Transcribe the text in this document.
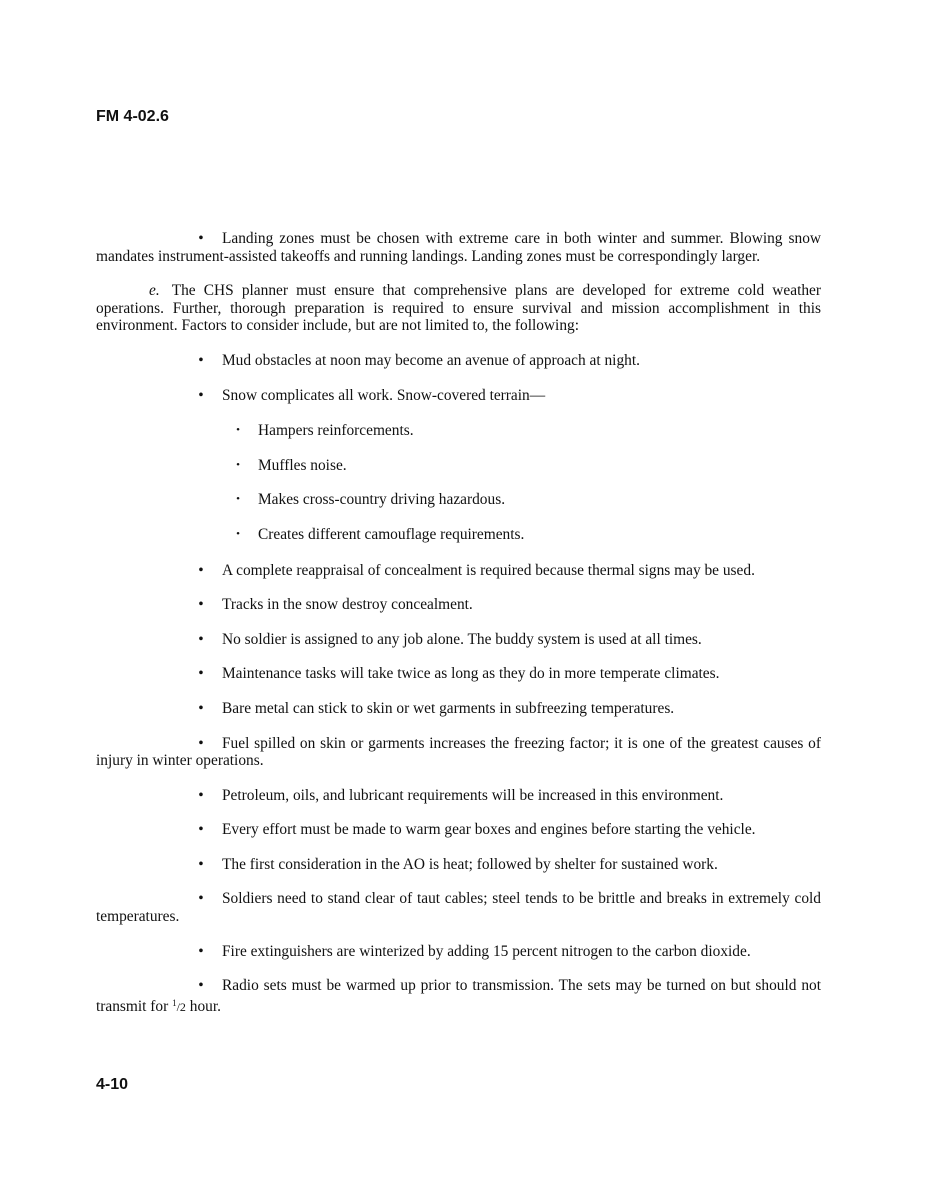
FM 4-02.6

• Landing zones must be chosen with extreme care in both winter and summer. Blowing snow mandates instrument-assisted takeoffs and running landings. Landing zones must be correspondingly larger.

e. The CHS planner must ensure that comprehensive plans are developed for extreme cold weather operations. Further, thorough preparation is required to ensure survival and mission accomplishment in this environment. Factors to consider include, but are not limited to, the following:

•	Mud obstacles at noon may become an avenue of approach at night.
•	Snow complicates all work. Snow-covered terrain—
•	Hampers reinforcements.
•	Muffles noise.
•	Makes cross-country driving hazardous.
•	Creates different camouflage requirements.
•	A complete reappraisal of concealment is required because thermal signs may be used.
•	Tracks in the snow destroy concealment.
•	No soldier is assigned to any job alone. The buddy system is used at all times.
•	Maintenance tasks will take twice as long as they do in more temperate climates.
•	Bare metal can stick to skin or wet garments in subfreezing temperatures.

• Fuel spilled on skin or garments increases the freezing factor; it is one of the greatest causes of injury in winter operations.

•	Petroleum, oils, and lubricant requirements will be increased in this environment.
•	Every effort must be made to warm gear boxes and engines before starting the vehicle.
•	The first consideration in the AO is heat; followed by shelter for sustained work.

• Soldiers need to stand clear of taut cables; steel tends to be brittle and breaks in extremely cold temperatures.

•	Fire extinguishers are winterized by adding 15 percent nitrogen to the carbon dioxide.

• Radio sets must be warmed up prior to transmission. The sets may be turned on but should not transmit for $^1$/2 hour.

4-10
